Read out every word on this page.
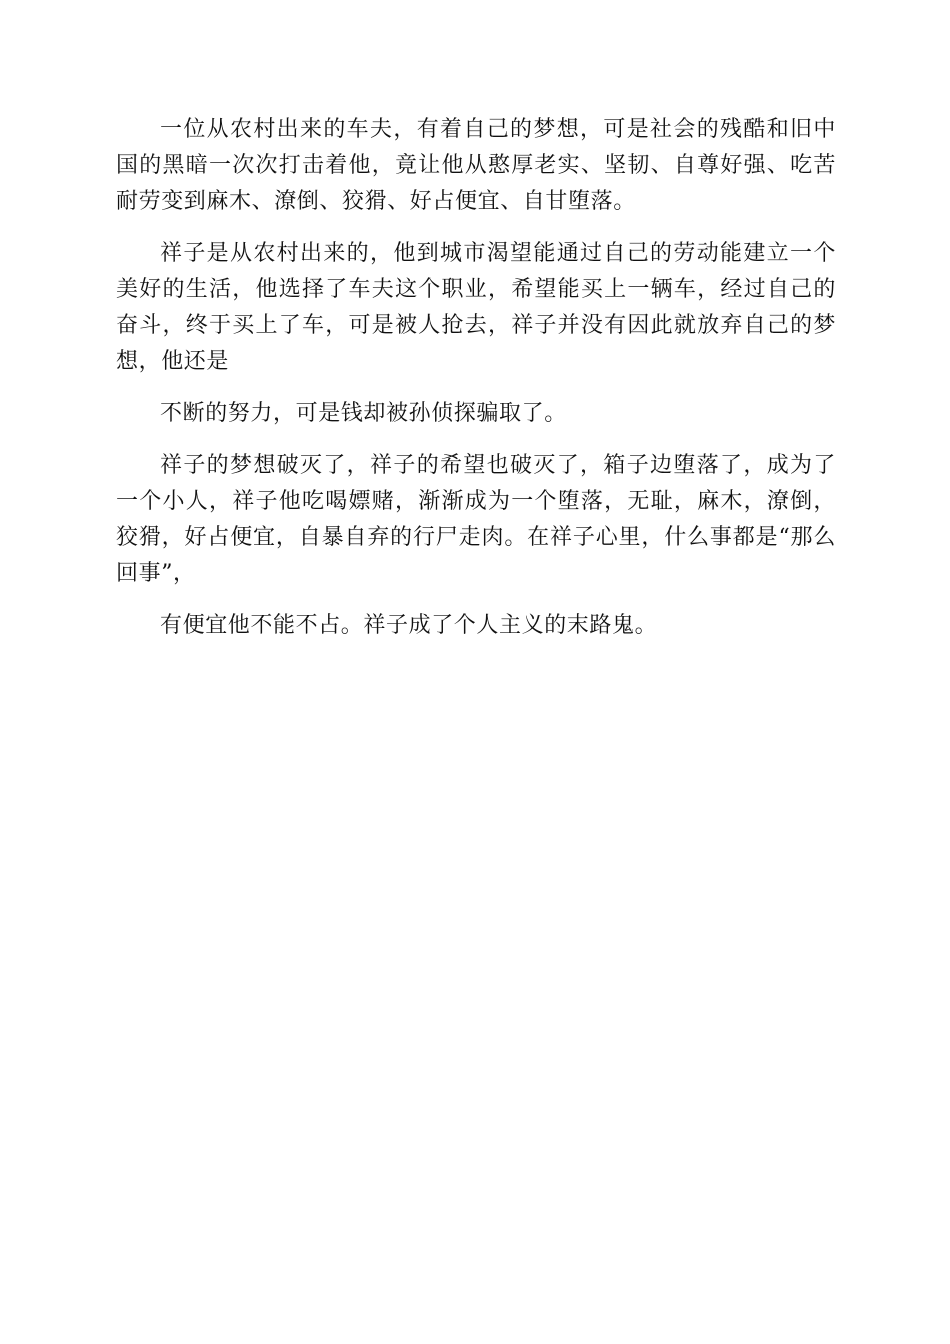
一位从农村出来的车夫，有着自己的梦想，可是社会的残酷和旧中国的黑暗一次次打击着他，竟让他从憨厚老实、坚韧、自尊好强、吃苦耐劳变到麻木、潦倒、狡猾、好占便宜、自甘堕落。

祥子是从农村出来的，他到城市渴望能通过自己的劳动能建立一个美好的生活，他选择了车夫这个职业，希望能买上一辆车，经过自己的奋斗，终于买上了车，可是被人抢去，祥子并没有因此就放弃自己的梦想，他还是

不断的努力，可是钱却被孙侦探骗取了。

祥子的梦想破灭了，祥子的希望也破灭了，箱子边堕落了，成为了一个小人，祥子他吃喝嫖赌，渐渐成为一个堕落，无耻，麻木，潦倒，狡猾，好占便宜，自暴自弃的行尸走肉。在祥子心里，什么事都是“那么回事”，

有便宜他不能不占。祥子成了个人主义的末路鬼。
